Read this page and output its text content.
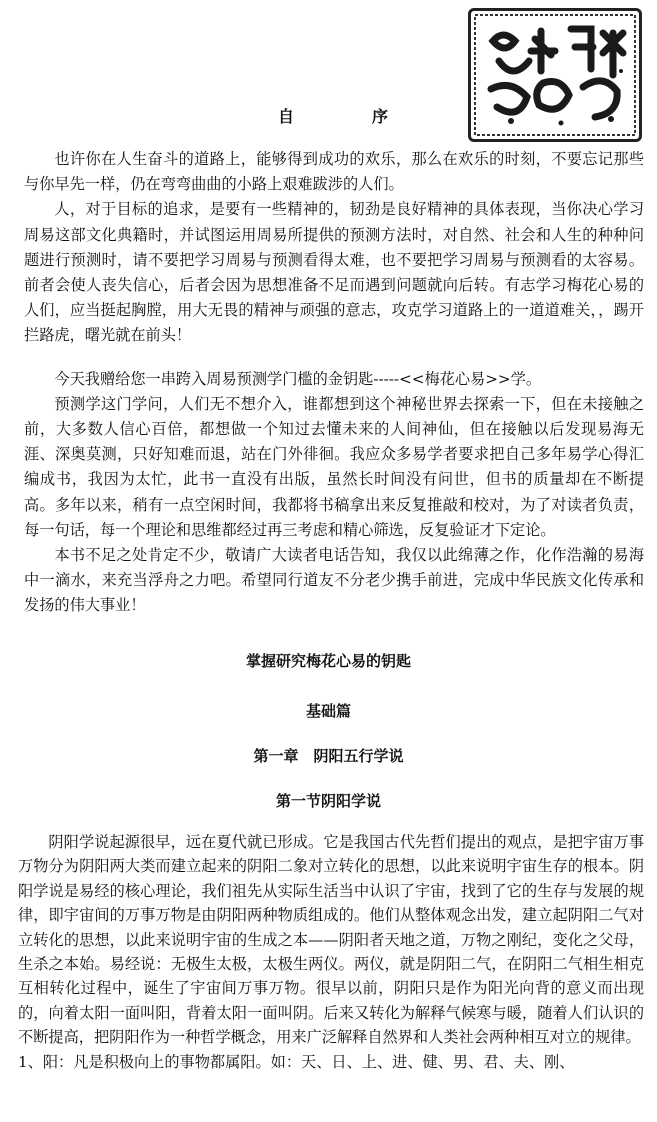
自	序

也许你在人生奋斗的道路上，能够得到成功的欢乐，那么在欢乐的时刻，不要忘记那些与你早先一样，仍在弯弯曲曲的小路上艰难跋涉的人们。

人，对于目标的追求，是要有一些精神的，韧劲是良好精神的具体表现，当你决心学习周易这部文化典籍时，并试图运用周易所提供的预测方法时，对自然、社会和人生的种种问题进行预测时，请不要把学习周易与预测看得太难，也不要把学习周易与预测看的太容易。前者会使人丧失信心，后者会因为思想准备不足而遇到问题就向后转。有志学习梅花心易的人们，应当挺起胸膛，用大无畏的精神与顽强的意志，攻克学习道路上的一道道难关，，踢开拦路虎，曙光就在前头！

今天我赠给您一串跨入周易预测学门槛的金钥匙-----<<梅花心易>>学。

预测学这门学问，人们无不想介入，谁都想到这个神秘世界去探索一下，但在未接触之前，大多数人信心百倍，都想做一个知过去懂未来的人间神仙，但在接触以后发现易海无涯、深奥莫测，只好知难而退，站在门外徘徊。我应众多易学者要求把自己多年易学心得汇编成书，我因为太忙，此书一直没有出版，虽然长时间没有问世，但书的质量却在不断提高。多年以来，稍有一点空闲时间，我都将书稿拿出来反复推敲和校对，为了对读者负责，每一句话，每一个理论和思维都经过再三考虑和精心筛选，反复验证才下定论。

本书不足之处肯定不少，敬请广大读者电话告知，我仅以此绵薄之作，化作浩瀚的易海中一滴水，来充当浮舟之力吧。希望同行道友不分老少携手前进，完成中华民族文化传承和发扬的伟大事业！

掌握研究梅花心易的钥匙
基础篇
第一章　阴阳五行学说
第一节阴阳学说

阴阳学说起源很早，远在夏代就已形成。它是我国古代先哲们提出的观点，是把宇宙万事万物分为阴阳两大类而建立起来的阴阳二象对立转化的思想，以此来说明宇宙生存的根本。阴阳学说是易经的核心理论，我们祖先从实际生活当中认识了宇宙，找到了它的生存与发展的规律，即宇宙间的万事万物是由阴阳两种物质组成的。他们从整体观念出发，建立起阴阳二气对立转化的思想，以此来说明宇宙的生成之本——阴阳者天地之道，万物之刚纪，变化之父母，生杀之本始。易经说：无极生太极，太极生两仪。两仪，就是阴阳二气，在阴阳二气相生相克互相转化过程中，诞生了宇宙间万事万物。很早以前，阴阳只是作为阳光向背的意义而出现的，向着太阳一面叫阳，背着太阳一面叫阴。后来又转化为解释气候寒与暖，随着人们认识的不断提高，把阴阳作为一种哲学概念，用来广泛解释自然界和人类社会两种相互对立的规律。

1、阳：凡是积极向上的事物都属阳。如：天、日、上、进、健、男、君、夫、刚、
